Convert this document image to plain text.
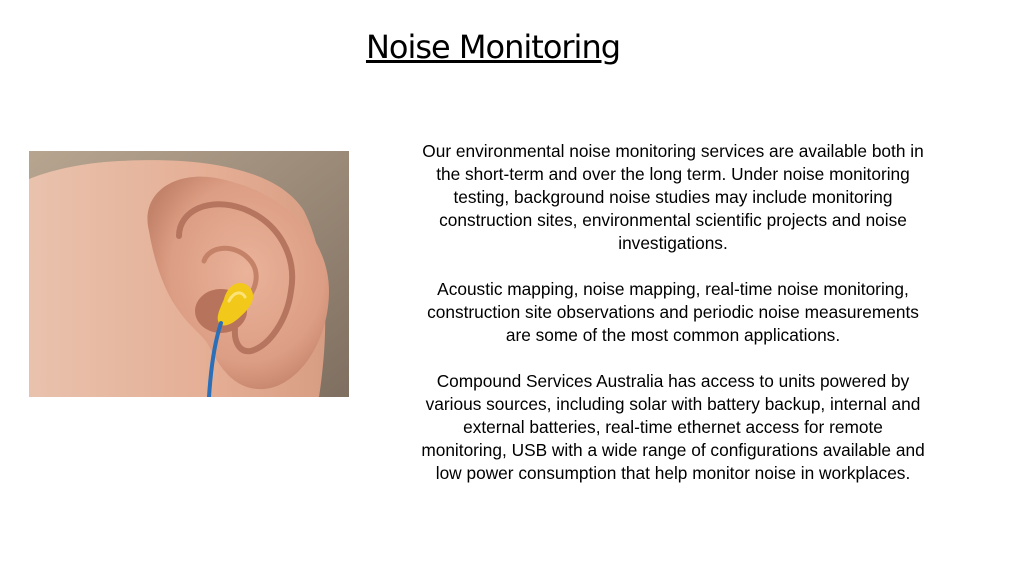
Noise Monitoring

Our environmental noise monitoring services are available both in the short-term and over the long term. Under noise monitoring testing, background noise studies may include monitoring construction sites, environmental scientific projects and noise investigations.

Acoustic mapping, noise mapping, real-time noise monitoring, construction site observations and periodic noise measurements are some of the most common applications.

Compound Services Australia has access to units powered by various sources, including solar with battery backup, internal and external batteries, real-time ethernet access for remote monitoring, USB with a wide range of configurations available and low power consumption that help monitor noise in workplaces.
